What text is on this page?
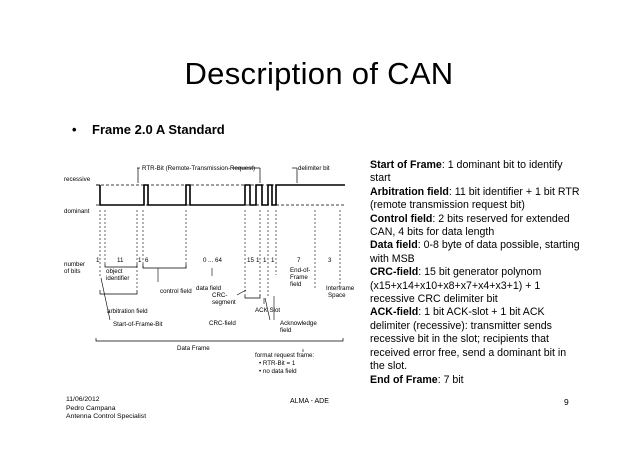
Description of CAN
• Frame 2.0 A Standard
RTR-Bit (Remote-Transmission-Request)	delimiter bit
recessive
dominant
number
of bits
1	11 1 6	0 ... 64	15 1 1 1	7	3
object
identifier
control field data field
CRC-
segment
End-of-
Frame
field
Interframe
Space
arbitration field
CRC-field
ACK Slot
Start-of-Frame-Bit	Acknowledge
field
Data Frame
format request frame:
• RTR-Bit = 1
• no data field

Start of Frame: 1 dominant bit to identify start

Arbitration field: 11 bit identifier + 1 bit RTR (remote transmission request bit)

Control field: 2 bits reserved for extended CAN, 4 bits for data length

Data field: 0-8 byte of data possible, starting with MSB

CRC-field: 15 bit generator polynom (x15+x14+x10+x8+x7+x4+x3+1) + 1 recessive CRC delimiter bit

ACK-field: 1 bit ACK-slot + 1 bit ACK delimiter (recessive): transmitter sends recessive bit in the slot; recipients that received error free, send a dominant bit in the slot.

End of Frame: 7 bit

11/06/2012
Pedro Campana
Antenna Control Specialist
ALMA - ADE	9
